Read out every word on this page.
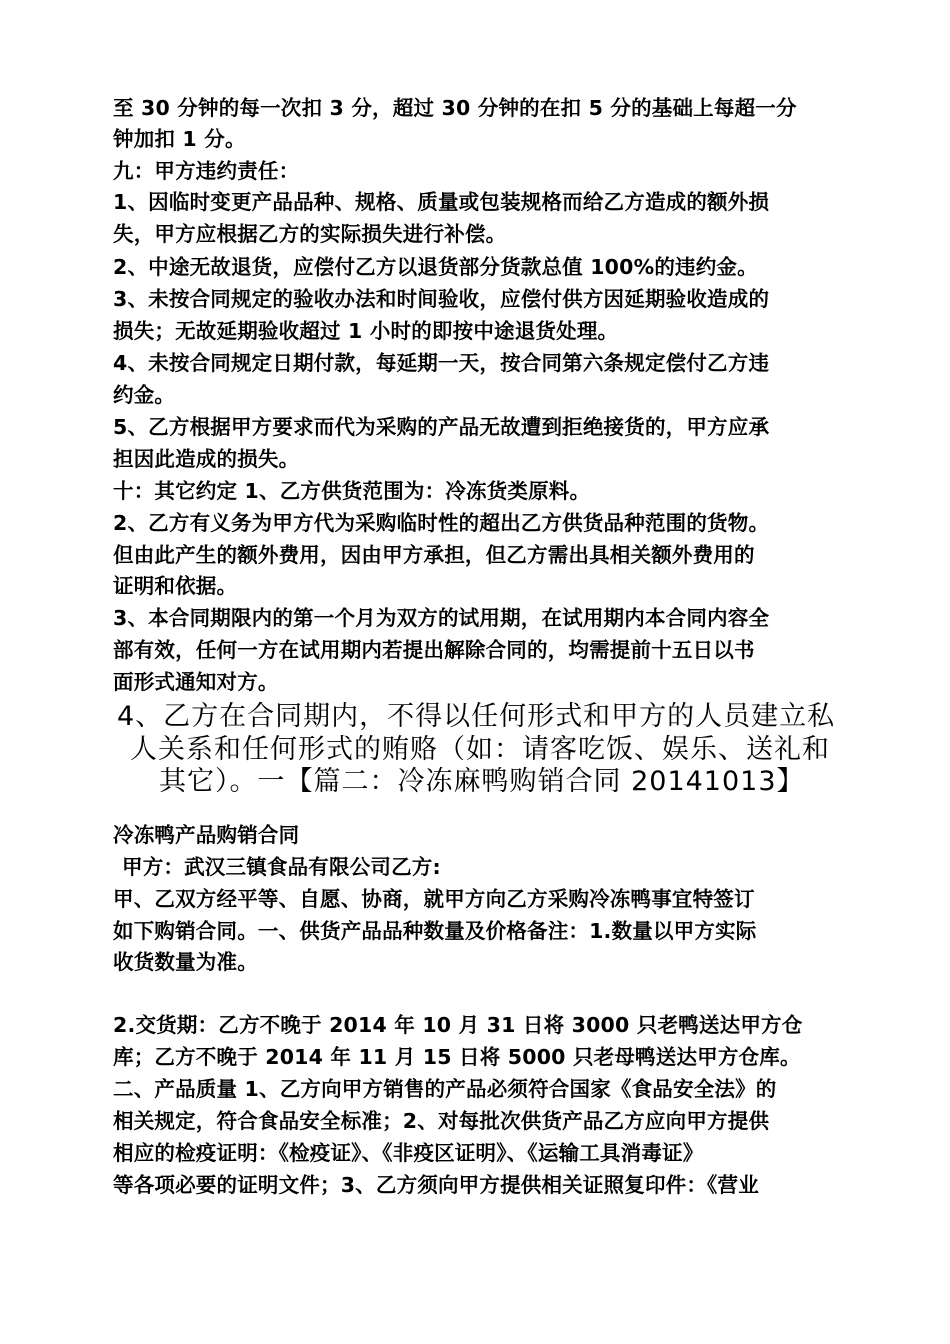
至 30 分钟的每一次扣 3 分，超过 30 分钟的在扣 5 分的基础上每超一分
钟加扣 1 分。
九：甲方违约责任：
1、因临时变更产品品种、规格、质量或包装规格而给乙方造成的额外损
失，甲方应根据乙方的实际损失进行补偿。
2、中途无故退货，应偿付乙方以退货部分货款总值 100%的违约金。
3、未按合同规定的验收办法和时间验收，应偿付供方因延期验收造成的
损失；无故延期验收超过 1 小时的即按中途退货处理。
4、未按合同规定日期付款，每延期一天，按合同第六条规定偿付乙方违
约金。
5、乙方根据甲方要求而代为采购的产品无故遭到拒绝接货的，甲方应承
担因此造成的损失。
十：其它约定 1、乙方供货范围为：冷冻货类原料。
2、乙方有义务为甲方代为采购临时性的超出乙方供货品种范围的货物。
但由此产生的额外费用，因由甲方承担，但乙方需出具相关额外费用的
证明和依据。
3、本合同期限内的第一个月为双方的试用期，在试用期内本合同内容全
部有效，任何一方在试用期内若提出解除合同的，均需提前十五日以书
面形式通知对方。
4、乙方在合同期内，不得以任何形式和甲方的人员建立私
人关系和任何形式的贿赂（如：请客吃饭、娱乐、送礼和
其它）。一【篇二：冷冻麻鸭购销合同 20141013】
冷冻鸭产品购销合同
甲方：武汉三镇食品有限公司乙方:
甲、乙双方经平等、自愿、协商，就甲方向乙方采购冷冻鸭事宜特签订
如下购销合同。一、供货产品品种数量及价格备注：1.数量以甲方实际
收货数量为准。
2.交货期：乙方不晚于 2014 年 10 月 31 日将 3000 只老鸭送达甲方仓
库；乙方不晚于 2014 年 11 月 15 日将 5000 只老母鸭送达甲方仓库。
二、产品质量 1、乙方向甲方销售的产品必须符合国家《食品安全法》的
相关规定，符合食品安全标准；2、对每批次供货产品乙方应向甲方提供
相应的检疫证明：《检疫证》、《非疫区证明》、《运输工具消毒证》
等各项必要的证明文件；3、乙方须向甲方提供相关证照复印件：《营业
